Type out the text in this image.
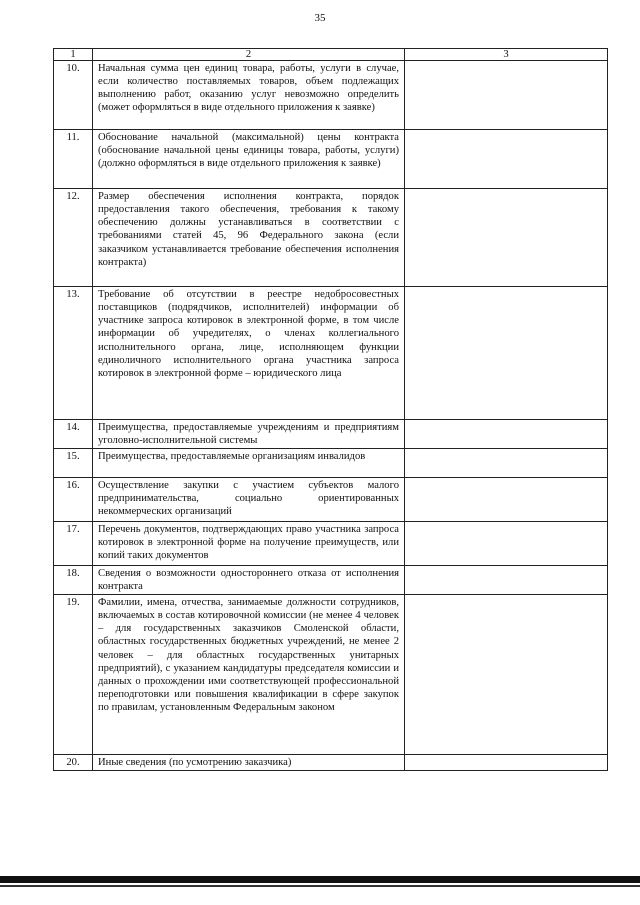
35
1	2	3
10.	Начальная сумма цен единиц товара, работы, услуги в случае, если количество поставляемых товаров, объем подлежащих выполнению работ, оказанию услуг невозможно определить (может оформляться в виде отдельного приложения к заявке)	
11.	Обоснование начальной (максимальной) цены контракта (обоснование начальной цены единицы товара, работы, услуги) (должно оформляться в виде отдельного приложения к заявке)	
12.	Размер обеспечения исполнения контракта, порядок предоставления такого обеспечения, требования к такому обеспечению должны устанавливаться в соответствии с требованиями статей 45, 96 Федерального закона (если заказчиком устанавливается требование обеспечения исполнения контракта)	
13.	Требование об отсутствии в реестре недобросовестных поставщиков (подрядчиков, исполнителей) информации об участнике запроса котировок в электронной форме, в том числе информации об учредителях, о членах коллегиального исполнительного органа, лице, исполняющем функции единоличного исполнительного органа участника запроса котировок в электронной форме – юридического лица	
14.	Преимущества, предоставляемые учреждениям и предприятиям уголовно-исполнительной системы	
15.	Преимущества, предоставляемые организациям инвалидов	
16.	Осуществление закупки с участием субъектов малого предпринимательства, социально ориентированных некоммерческих организаций	
17.	Перечень документов, подтверждающих право участника запроса котировок в электронной форме на получение преимуществ, или копий таких документов	
18.	Сведения о возможности одностороннего отказа от исполнения контракта	
19.	Фамилии, имена, отчества, занимаемые должности сотрудников, включаемых в состав котировочной комиссии (не менее 4 человек – для государственных заказчиков Смоленской области, областных государственных бюджетных учреждений, не менее 2 человек – для областных государственных унитарных предприятий), с указанием кандидатуры председателя комиссии и данных о прохождении ими соответствующей профессиональной переподготовки или повышения квалификации в сфере закупок по правилам, установленным Федеральным законом	
20.	Иные сведения (по усмотрению заказчика)	
